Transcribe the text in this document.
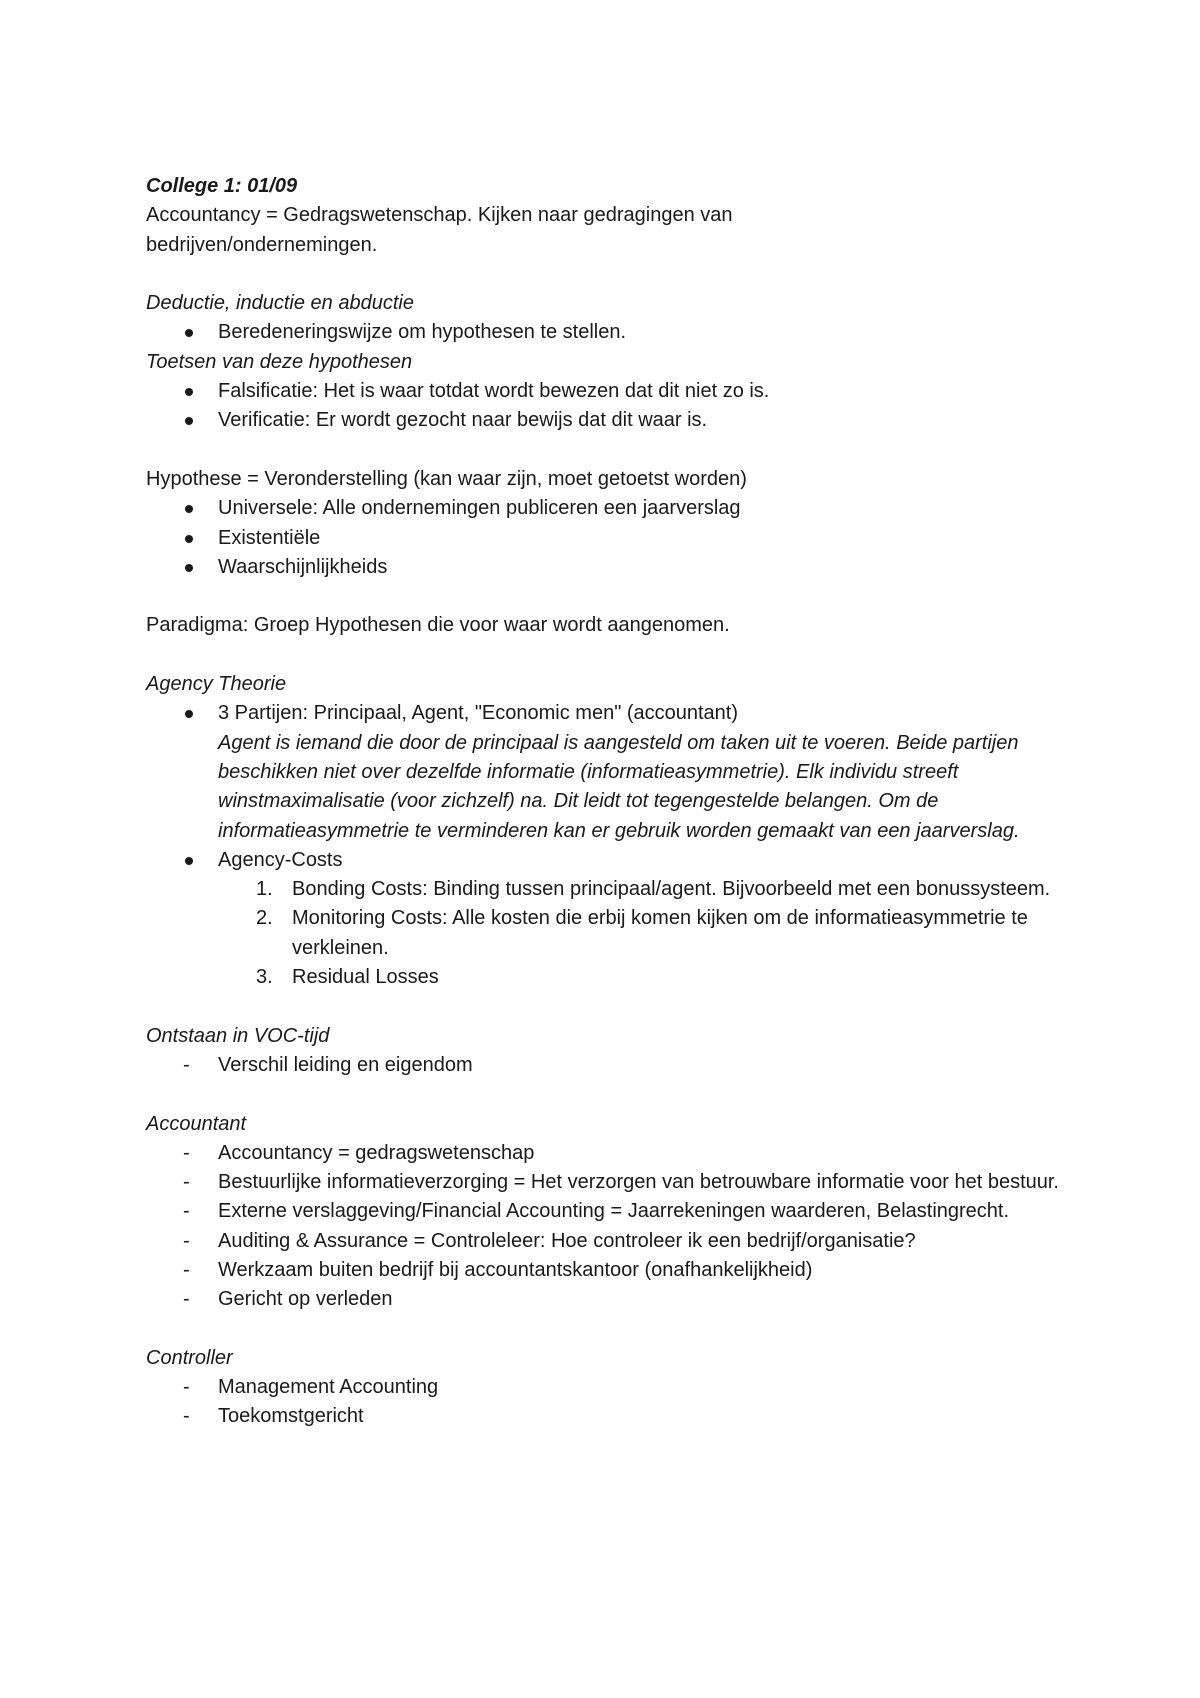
College 1: 01/09

Accountancy = Gedragswetenschap. Kijken naar gedragingen van bedrijven/ondernemingen.

Deductie, inductie en abductie

Beredeneringswijze om hypothesen te stellen.

Toetsen van deze hypothesen

Falsificatie: Het is waar totdat wordt bewezen dat dit niet zo is.
Verificatie: Er wordt gezocht naar bewijs dat dit waar is.

Hypothese = Veronderstelling (kan waar zijn, moet getoetst worden)

Universele: Alle ondernemingen publiceren een jaarverslag
Existentiële
Waarschijnlijkheids

Paradigma: Groep Hypothesen die voor waar wordt aangenomen.

Agency Theorie

3 Partijen: Principaal, Agent, "Economic men" (accountant)
Agent is iemand die door de principaal is aangesteld om taken uit te voeren. Beide partijen beschikken niet over dezelfde informatie (informatieasymmetrie). Elk individu streeft winstmaximalisatie (voor zichzelf) na. Dit leidt tot tegengestelde belangen. Om de informatieasymmetrie te verminderen kan er gebruik worden gemaakt van een jaarverslag.
Agency-Costs
1. Bonding Costs: Binding tussen principaal/agent. Bijvoorbeeld met een bonussysteem.
2. Monitoring Costs: Alle kosten die erbij komen kijken om de informatieasymmetrie te verkleinen.
3. Residual Losses

Ontstaan in VOC-tijd

- Verschil leiding en eigendom

Accountant

- Accountancy = gedragswetenschap
- Bestuurlijke informatieverzorging = Het verzorgen van betrouwbare informatie voor het bestuur.
- Externe verslaggeving/Financial Accounting = Jaarrekeningen waarderen, Belastingrecht.
- Auditing & Assurance = Controleleer: Hoe controleer ik een bedrijf/organisatie?
- Werkzaam buiten bedrijf bij accountantskantoor (onafhankelijkheid)
- Gericht op verleden

Controller

- Management Accounting
- Toekomstgericht
